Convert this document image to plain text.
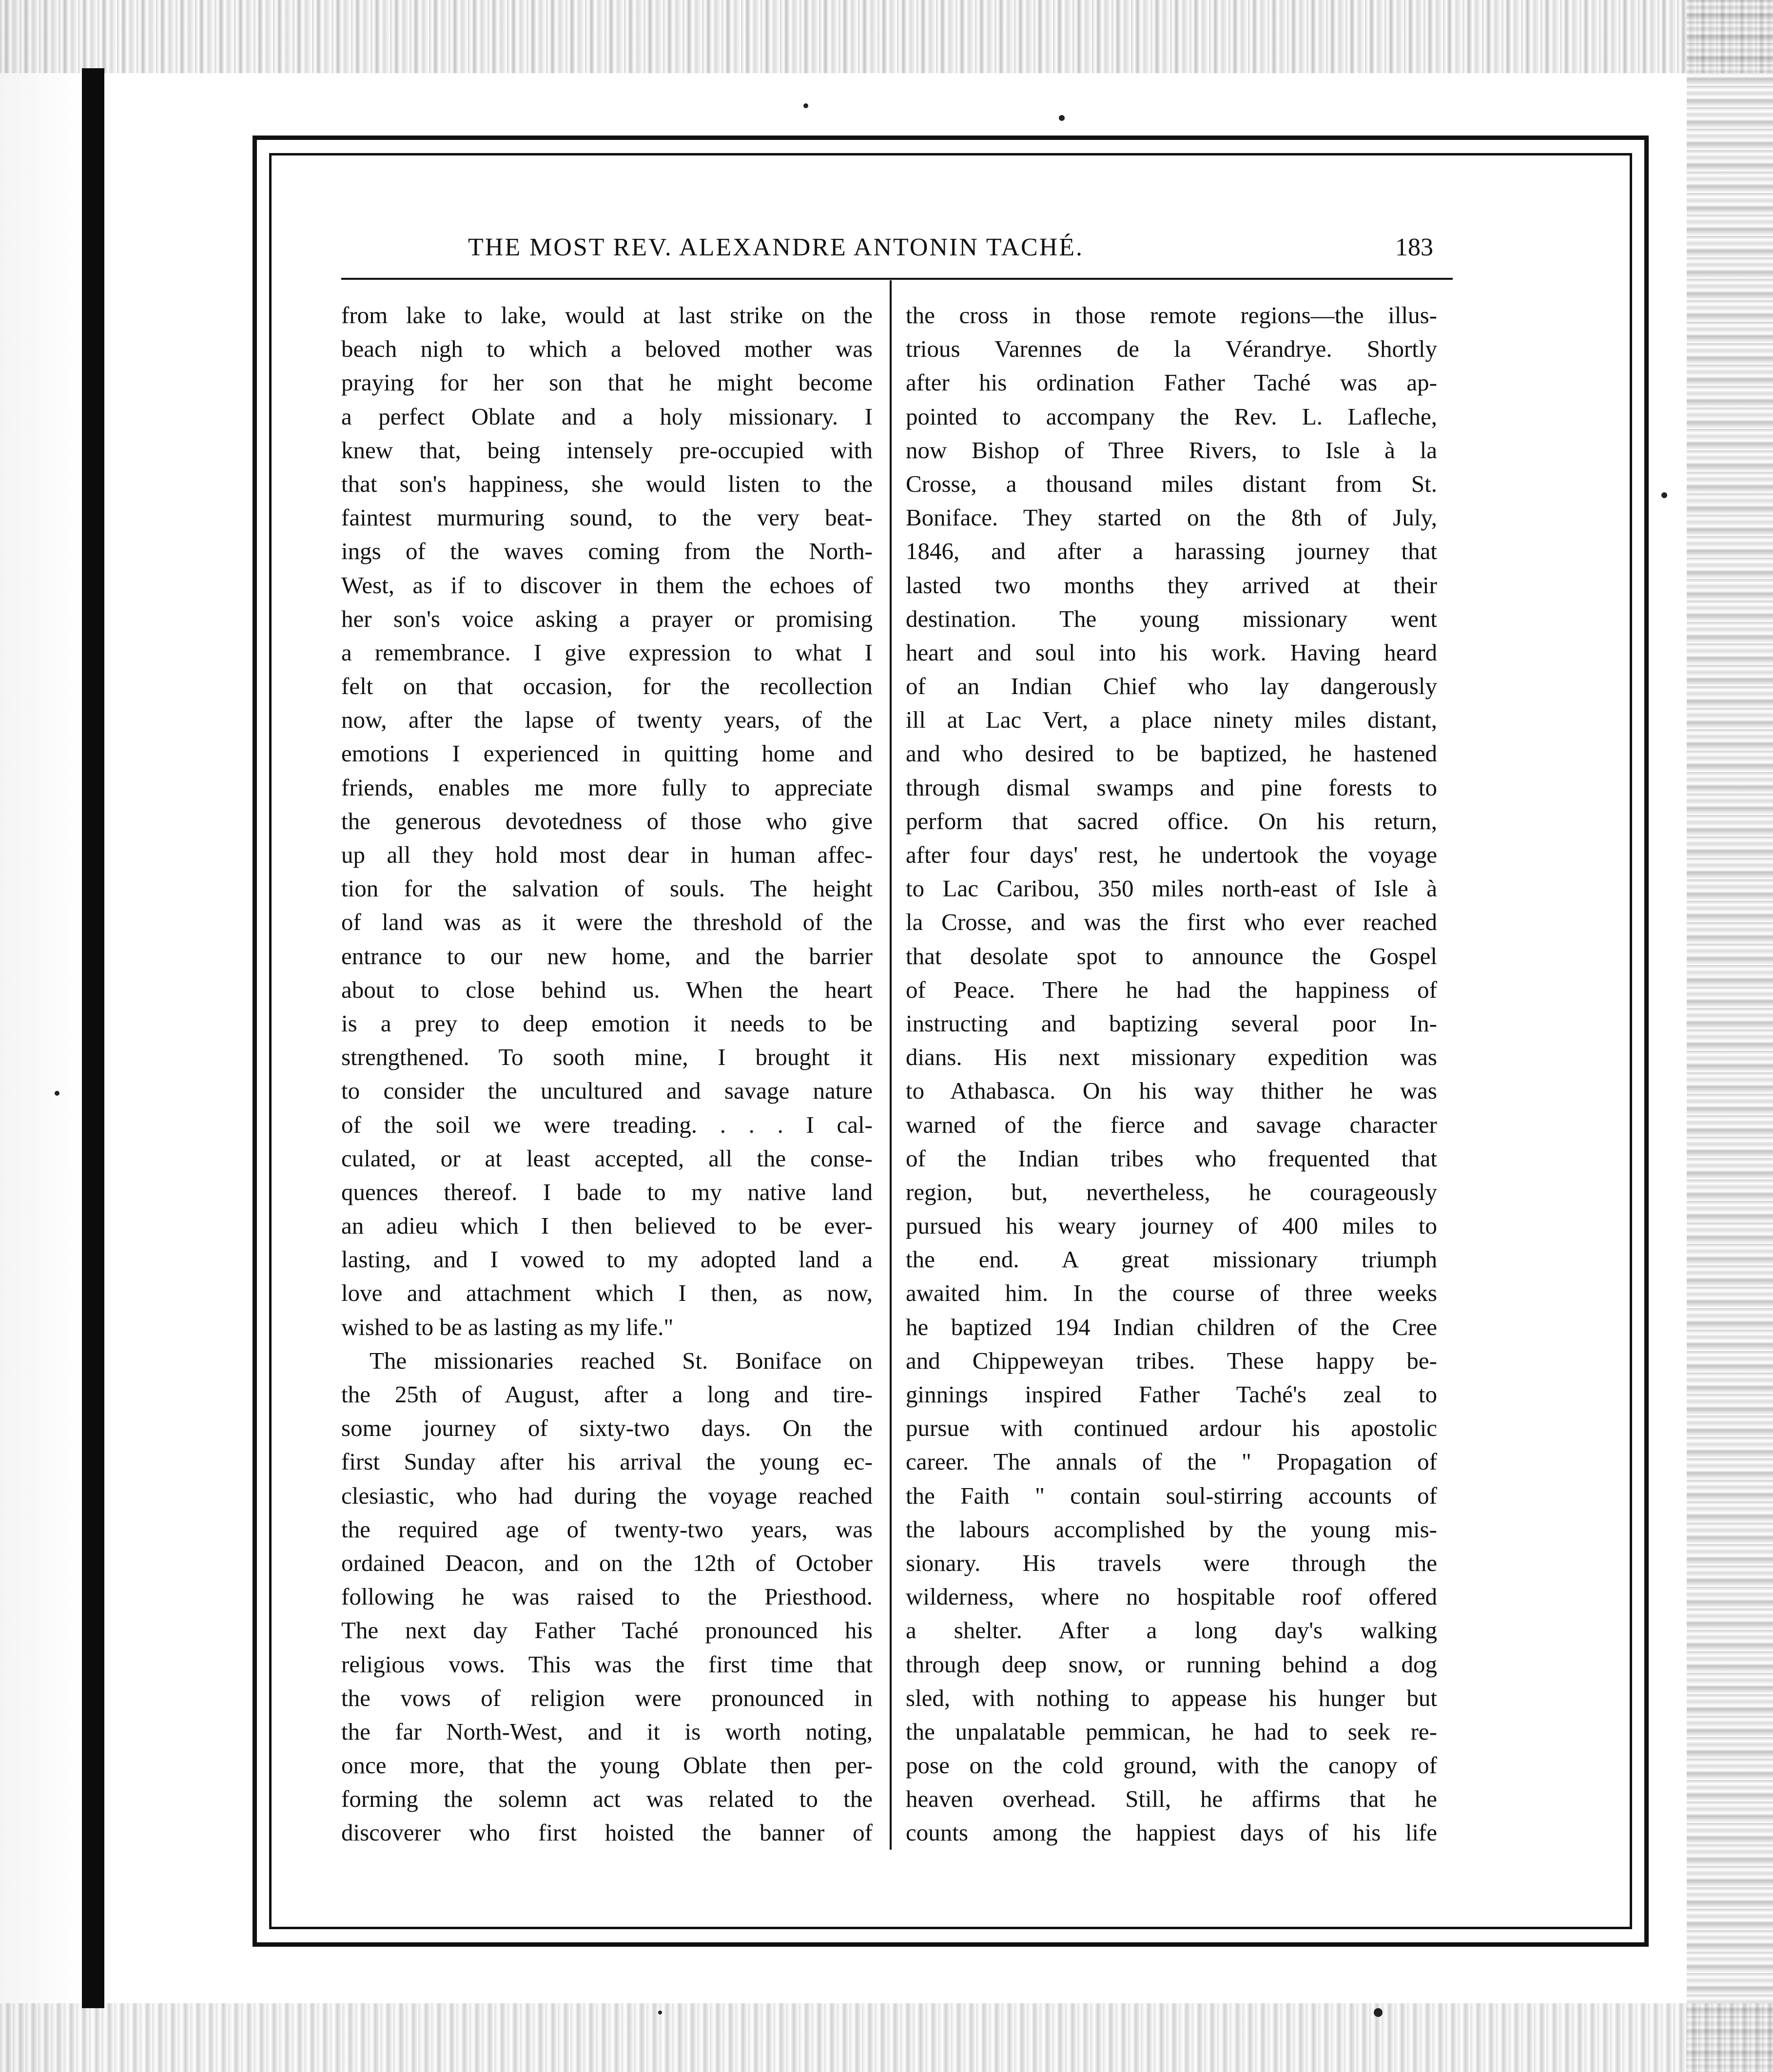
THE MOST REV. ALEXANDRE ANTONIN TACHÉ.	183
from lake to lake, would at last strike on the
beach nigh to which a beloved mother was
praying for her son that he might become
a perfect Oblate and a holy missionary. I
knew that, being intensely pre-occupied with
that son's happiness, she would listen to the
faintest murmuring sound, to the very beat-
ings of the waves coming from the North-
West, as if to discover in them the echoes of
her son's voice asking a prayer or promising
a remembrance. I give expression to what I
felt on that occasion, for the recollection
now, after the lapse of twenty years, of the
emotions I experienced in quitting home and
friends, enables me more fully to appreciate
the generous devotedness of those who give
up all they hold most dear in human affec-
tion for the salvation of souls. The height
of land was as it were the threshold of the
entrance to our new home, and the barrier
about to close behind us. When the heart
is a prey to deep emotion it needs to be
strengthened. To sooth mine, I brought it
to consider the uncultured and savage nature
of the soil we were treading. . . . I cal-
culated, or at least accepted, all the conse-
quences thereof. I bade to my native land
an adieu which I then believed to be ever-
lasting, and I vowed to my adopted land a
love and attachment which I then, as now,
wished to be as lasting as my life."
The missionaries reached St. Boniface on
the 25th of August, after a long and tire-
some journey of sixty-two days. On the
first Sunday after his arrival the young ec-
clesiastic, who had during the voyage reached
the required age of twenty-two years, was
ordained Deacon, and on the 12th of October
following he was raised to the Priesthood.
The next day Father Taché pronounced his
religious vows. This was the first time that
the vows of religion were pronounced in
the far North-West, and it is worth noting,
once more, that the young Oblate then per-
forming the solemn act was related to the
discoverer who first hoisted the banner of
the cross in those remote regions—the illus-
trious Varennes de la Vérandrye. Shortly
after his ordination Father Taché was ap-
pointed to accompany the Rev. L. Lafleche,
now Bishop of Three Rivers, to Isle à la
Crosse, a thousand miles distant from St.
Boniface. They started on the 8th of July,
1846, and after a harassing journey that
lasted two months they arrived at their
destination. The young missionary went
heart and soul into his work. Having heard
of an Indian Chief who lay dangerously
ill at Lac Vert, a place ninety miles distant,
and who desired to be baptized, he hastened
through dismal swamps and pine forests to
perform that sacred office. On his return,
after four days' rest, he undertook the voyage
to Lac Caribou, 350 miles north-east of Isle à
la Crosse, and was the first who ever reached
that desolate spot to announce the Gospel
of Peace. There he had the happiness of
instructing and baptizing several poor In-
dians. His next missionary expedition was
to Athabasca. On his way thither he was
warned of the fierce and savage character
of the Indian tribes who frequented that
region, but, nevertheless, he courageously
pursued his weary journey of 400 miles to
the end. A great missionary triumph
awaited him. In the course of three weeks
he baptized 194 Indian children of the Cree
and Chippeweyan tribes. These happy be-
ginnings inspired Father Taché's zeal to
pursue with continued ardour his apostolic
career. The annals of the " Propagation of
the Faith " contain soul-stirring accounts of
the labours accomplished by the young mis-
sionary. His travels were through the
wilderness, where no hospitable roof offered
a shelter. After a long day's walking
through deep snow, or running behind a dog
sled, with nothing to appease his hunger but
the unpalatable pemmican, he had to seek re-
pose on the cold ground, with the canopy of
heaven overhead. Still, he affirms that he
counts among the happiest days of his life
